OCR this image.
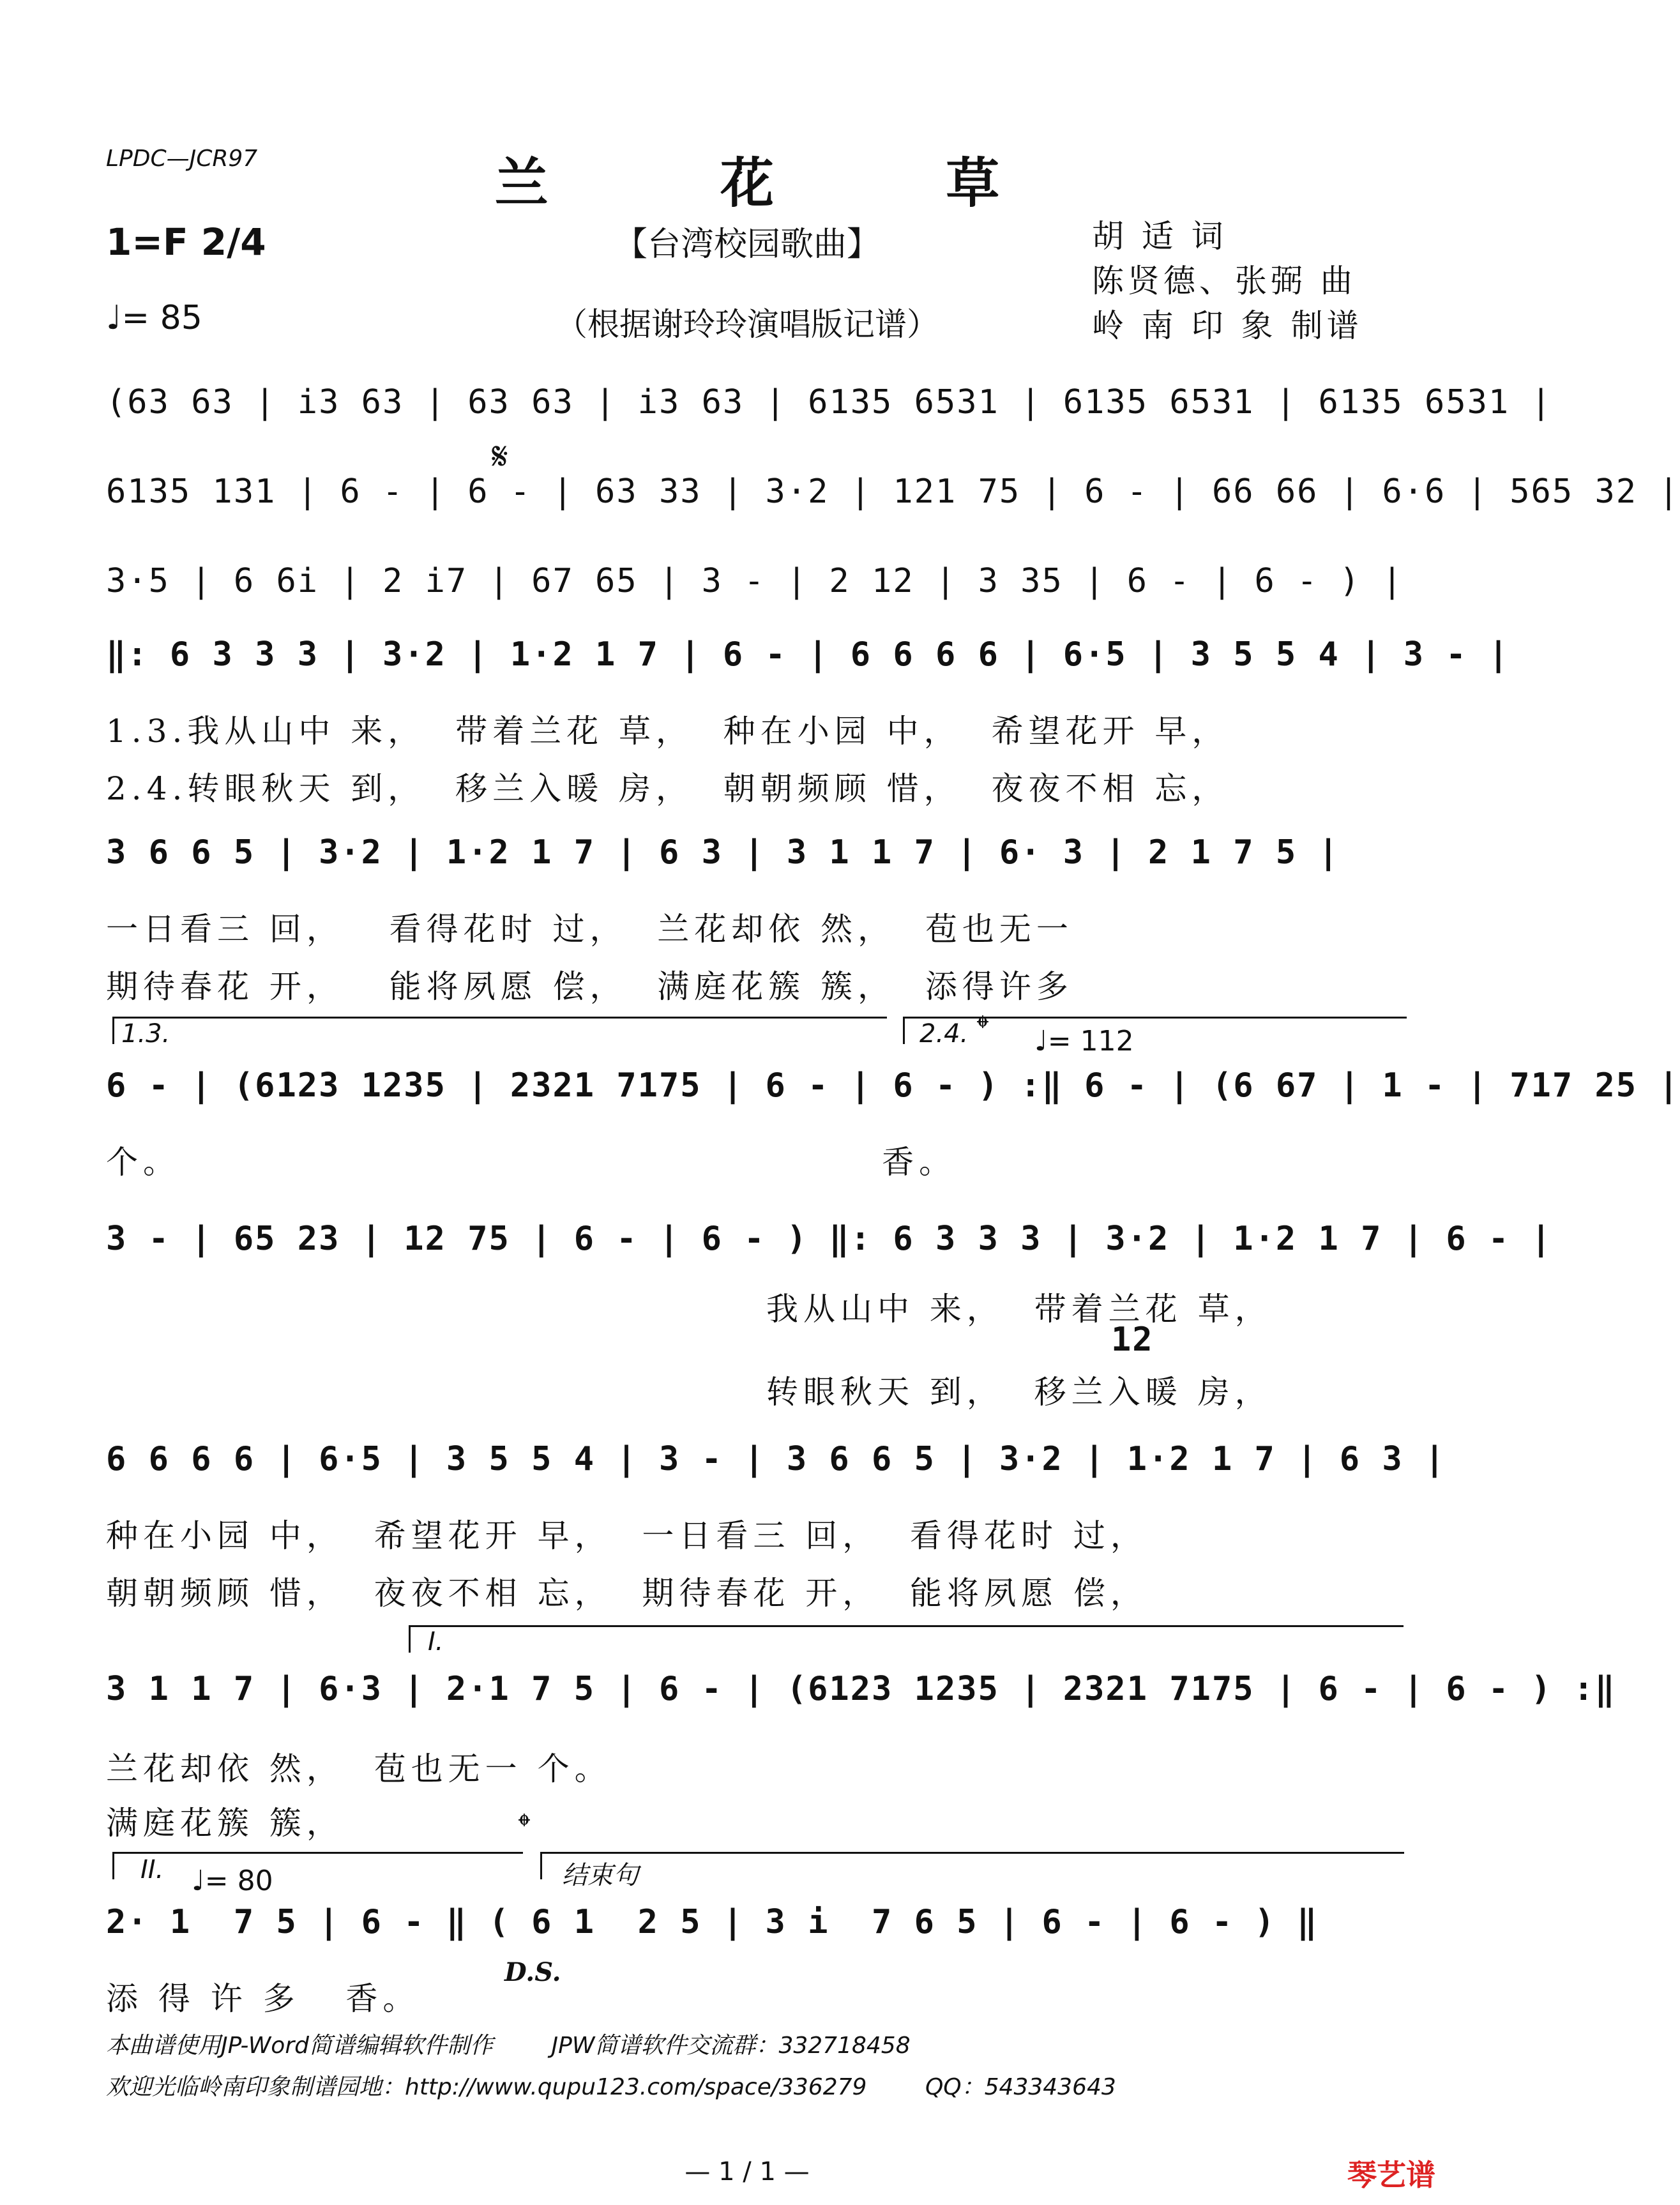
LPDC—JCR97	兰 花 草
【台湾校园歌曲】
（根据谢玲玲演唱版记谱）
1=F 2/4
♩= 85
胡 适 词
陈贤德、张弼 曲
岭 南 印 象 制谱
(63 63 | i3 63 | 63 63 | i3 63 | 6135 6531 | 6135 6531 | 6135 6531 |
6135 131 | 6 - | 6 - | 63 33 | 3·2 | 121 75 | 6 - | 66 66 | 6·6 | 565 32 |
𝄋
3·5 | 6 6i | 2 i7 | 67 65 | 3 - | 2 12 | 3 35 | 6 - | 6 - ) |
‖: 6 3 3 3 | 3·2 | 1·2 1 7 | 6 - | 6 6 6 6 | 6·5 | 3 5 5 4 | 3 - |
1.3.我从山中 来，  带着兰花 草，  种在小园 中，  希望花开 早，
2.4.转眼秋天 到，  移兰入暖 房，  朝朝频顾 惜，  夜夜不相 忘，
3 6 6 5 | 3·2 | 1·2 1 7 | 6 3 | 3 1 1 7 | 6· 3 | 2 1 7 5 |
一日看三 回，   看得花时 过，  兰花却依 然，  苞也无一
期待春花 开，   能将夙愿 偿，  满庭花簇 簇，  添得许多
1.3.	2.4. 𝄌 ♩= 112
6 - | (6123 1235 | 2321 7175 | 6 - | 6 - ) :‖ 6 - | (6 67 | 1 - | 717 25 |
个。                                              香。
3 - | 65 23 | 12 75 | 6 - | 6 - ) ‖: 6 3 3 3 | 3·2 | 1·2 1 7 | 6 - |
我从山中 来，  带着兰花 草，
12
转眼秋天 到，  移兰入暖 房，
6 6 6 6 | 6·5 | 3 5 5 4 | 3 - | 3 6 6 5 | 3·2 | 1·2 1 7 | 6 3 |
种在小园 中，  希望花开 早，  一日看三 回，  看得花时 过，
朝朝频顾 惜，  夜夜不相 忘，  期待春花 开，  能将夙愿 偿，
I.
3 1 1 7 | 6·3 | 2·1 7 5 | 6 - | (6123 1235 | 2321 7175 | 6 - | 6 - ) :‖
兰花却依 然，  苞也无一 个。
满庭花簇 簇，	𝄌
II. ♩= 80	结束句
2· 1  7 5 | 6 - ‖ ( 6 1  2 5 | 3 i  7 6 5 | 6 - | 6 - ) ‖
D.S.
添 得 许 多   香。
本曲谱使用JP-Word简谱编辑软件制作        JPW简谱软件交流群：332718458
欢迎光临岭南印象制谱园地：http://www.qupu123.com/space/336279        QQ：543343643
— 1 / 1 —	琴艺谱
